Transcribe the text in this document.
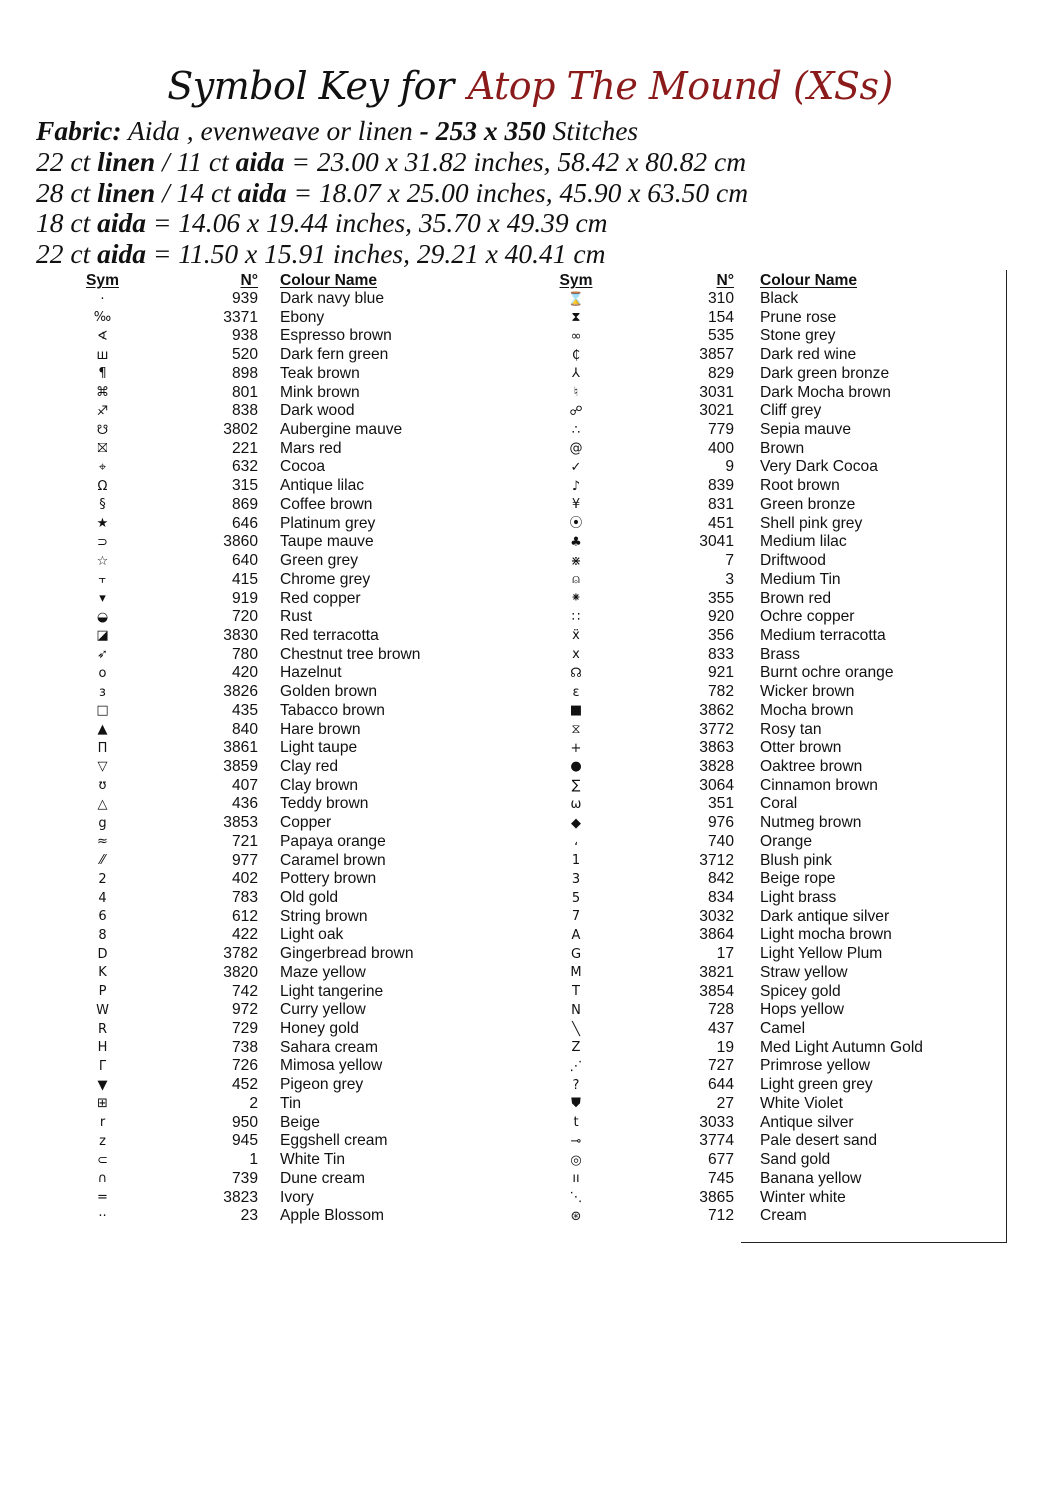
Symbol Key for Atop The Mound (XSs)
Fabric: Aida , evenweave or linen - 253 x 350 Stitches
22 ct linen / 11 ct aida = 23.00 x 31.82 inches, 58.42 x 80.82 cm
28 ct linen / 14 ct aida = 18.07 x 25.00 inches, 45.90 x 63.50 cm
18 ct aida = 14.06 x 19.44 inches, 35.70 x 49.39 cm
22 ct aida = 11.50 x 15.91 inches, 29.21 x 40.41 cm
Sym	N°	Colour Name
·	939	Dark navy blue
‰	3371	Ebony
∢	938	Espresso brown
ш	520	Dark fern green
¶	898	Teak brown
⌘	801	Mink brown
♐	838	Dark wood
☋	3802	Aubergine mauve
⛝	221	Mars red
⌖	632	Cocoa
Ω	315	Antique lilac
§	869	Coffee brown
★	646	Platinum grey
⊃	3860	Taupe mauve
☆	640	Green grey
⫟	415	Chrome grey
▾	919	Red copper
◒	720	Rust
◪	3830	Red terracotta
➶	780	Chestnut tree brown
o	420	Hazelnut
ɜ	3826	Golden brown
□	435	Tabacco brown
▲	840	Hare brown
Π	3861	Light taupe
▽	3859	Clay red
ʊ	407	Clay brown
△	436	Teddy brown
g	3853	Copper
≈	721	Papaya orange
⁄⁄	977	Caramel brown
2	402	Pottery brown
4	783	Old gold
6	612	String brown
8	422	Light oak
D	3782	Gingerbread brown
K	3820	Maze yellow
P	742	Light tangerine
W	972	Curry yellow
R	729	Honey gold
H	738	Sahara cream
Γ	726	Mimosa yellow
▼	452	Pigeon grey
⊞	2	Tin
r	950	Beige
z	945	Eggshell cream
⊂	1	White Tin
∩	739	Dune cream
=	3823	Ivory
··	23	Apple Blossom
Sym	N°	Colour Name
⌛	310	Black
⧗	154	Prune rose
∞	535	Stone grey
₵	3857	Dark red wine
⅄	829	Dark green bronze
♮	3031	Dark Mocha brown
☍	3021	Cliff grey
∴	779	Sepia mauve
@	400	Brown
✓	9	Very Dark Cocoa
♪	839	Root brown
¥	831	Green bronze
⦿	451	Shell pink grey
♣	3041	Medium lilac
⋇	7	Driftwood
⍝	3	Medium Tin
⁕	355	Brown red
∷	920	Ochre copper
ẍ	356	Medium terracotta
x	833	Brass
☊	921	Burnt ochre orange
ε	782	Wicker brown
■	3862	Mocha brown
⧖	3772	Rosy tan
+	3863	Otter brown
●	3828	Oaktree brown
∑	3064	Cinnamon brown
ω	351	Coral
◆	976	Nutmeg brown
،	740	Orange
1	3712	Blush pink
3	842	Beige rope
5	834	Light brass
7	3032	Dark antique silver
A	3864	Light mocha brown
G	17	Light Yellow Plum
M	3821	Straw yellow
T	3854	Spicey gold
N	728	Hops yellow
╲	437	Camel
Z	19	Med Light Autumn Gold
⋰	727	Primrose yellow
?	644	Light green grey
⛊	27	White Violet
t	3033	Antique silver
⊸	3774	Pale desert sand
◎	677	Sand gold
ıı	745	Banana yellow
⋱	3865	Winter white
⊛	712	Cream
